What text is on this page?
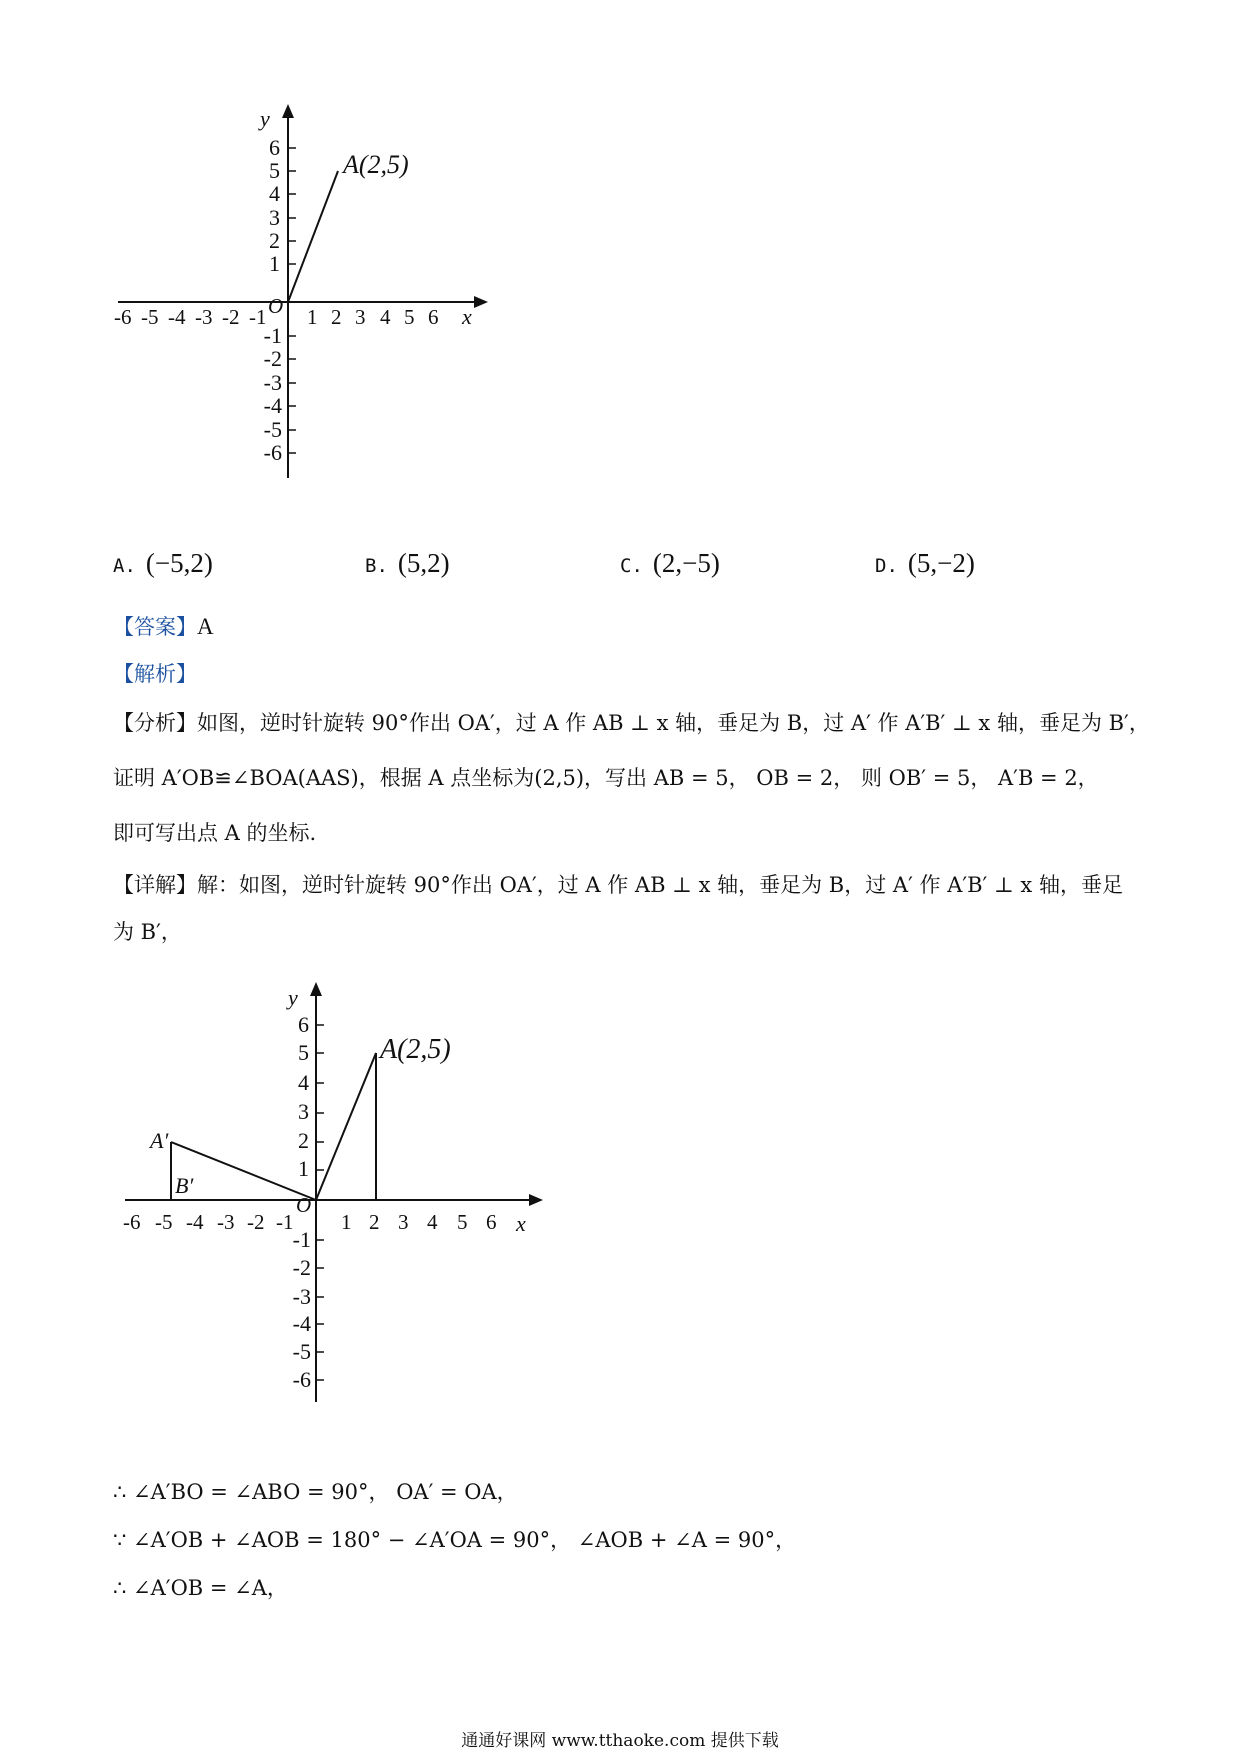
y
x
O
A(2,5)
-6 -5 -4 -3 -2 -1 1 2 3 4 5 6
6
5
4
3
2
1
-1
-2
-3
-4
-5
-6
A. (−5,2)	B. (5,2)	C. (2,−5)	D. (5,−2)
【答案】A
【解析】
【分析】如图，逆时针旋转 90°作出 OA′，过 A 作 AB ⊥ x 轴，垂足为 B，过 A′ 作 A′B′ ⊥ x 轴，垂足为 B′，
证明 A′OB≌∠BOA(AAS)，根据 A 点坐标为(2,5)，写出 AB = 5， OB = 2， 则 OB′ = 5， A′B = 2，
即可写出点 A 的坐标.
【详解】解：如图，逆时针旋转 90°作出 OA′，过 A 作 AB ⊥ x 轴，垂足为 B，过 A′ 作 A′B′ ⊥ x 轴，垂足
为 B′，
y
x
O
A(2,5)
A′
B′
-6 -5 -4 -3 -2 -1 1 2 3 4 5 6
6
5
4
3
2
1
-1
-2
-3
-4
-5
-6
∴ ∠A′BO = ∠ABO = 90°， OA′ = OA，
∵ ∠A′OB + ∠AOB = 180° − ∠A′OA = 90°， ∠AOB + ∠A = 90°，
∴ ∠A′OB = ∠A，
通通好课网 www.tthaoke.com 提供下载
